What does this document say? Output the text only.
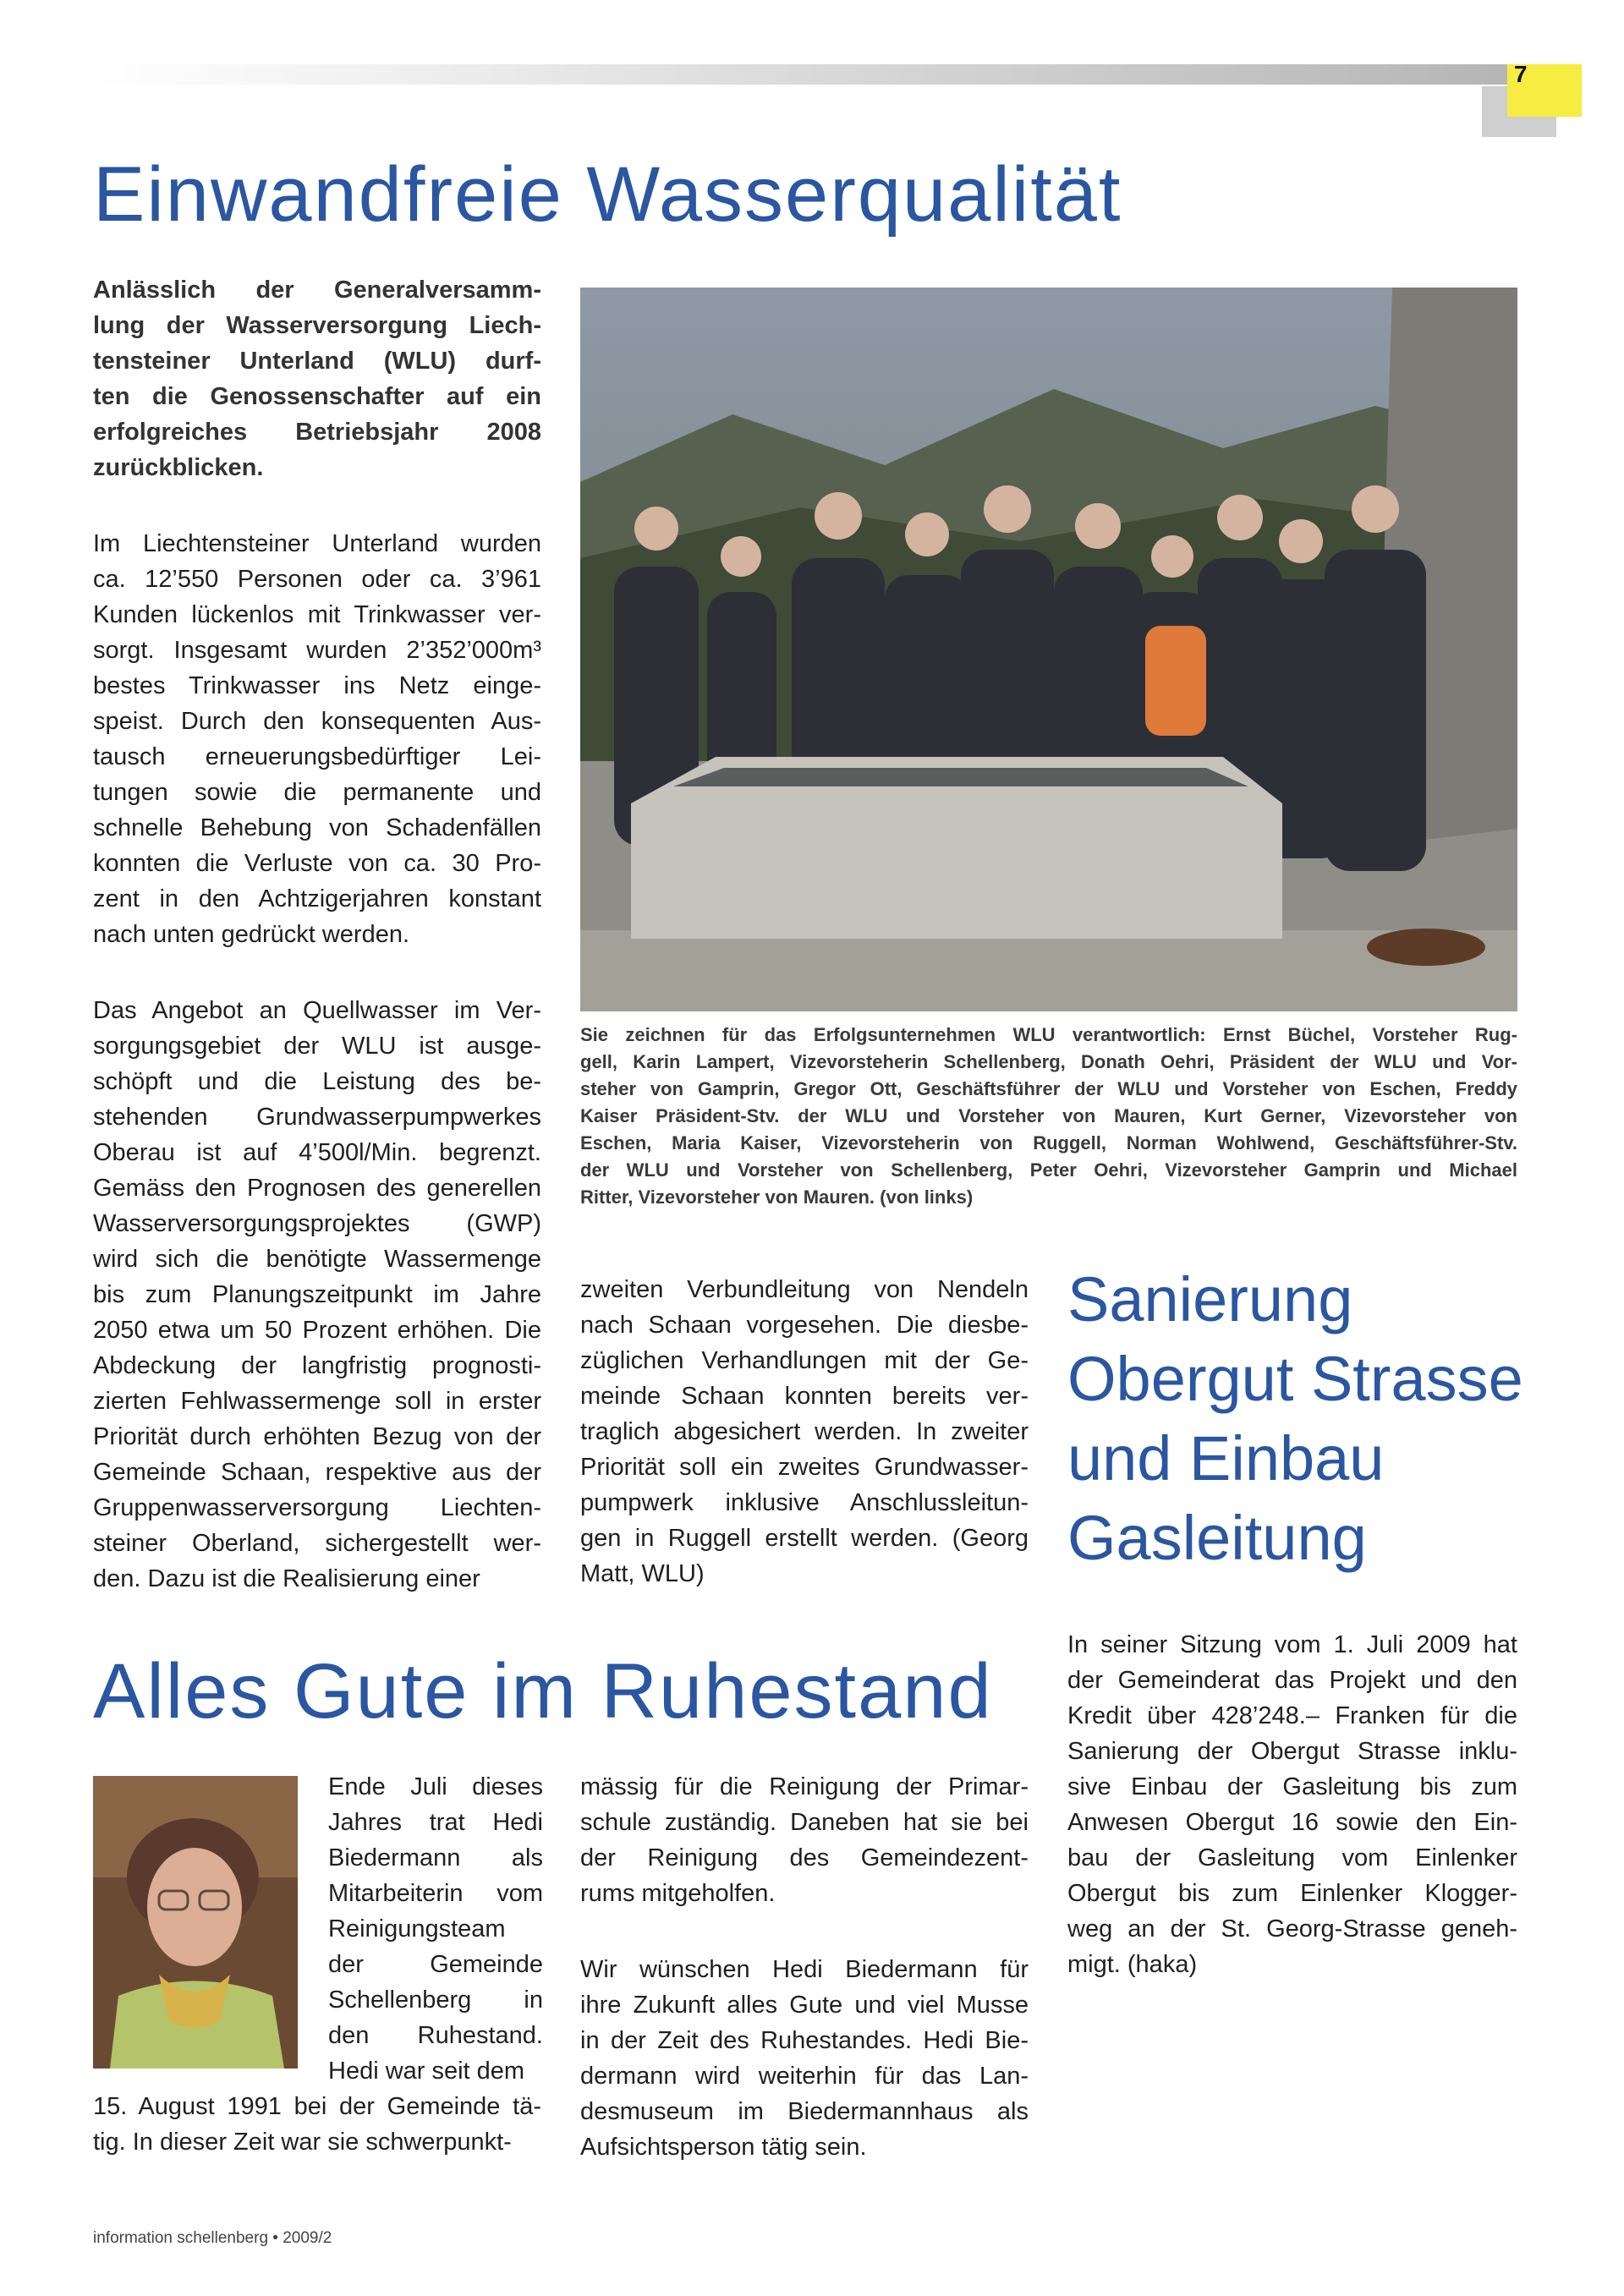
7
Einwandfreie Wasserqualität

Anlässlich der Generalversamm-
lung der Wasserversorgung Liech-
tensteiner Unterland (WLU) durf-
ten die Genossenschafter auf ein
erfolgreiches Betriebsjahr 2008
zurückblicken.

Im Liechtensteiner Unterland wurden
ca. 12’550 Personen oder ca. 3’961
Kunden lückenlos mit Trinkwasser ver-
sorgt. Insgesamt wurden 2’352’000m³
bestes Trinkwasser ins Netz einge-
speist. Durch den konsequenten Aus-
tausch erneuerungsbedürftiger Lei-
tungen sowie die permanente und
schnelle Behebung von Schadenfällen
konnten die Verluste von ca. 30 Pro-
zent in den Achtzigerjahren konstant
nach unten gedrückt werden.

Das Angebot an Quellwasser im Ver-
sorgungsgebiet der WLU ist ausge-
schöpft und die Leistung des be-
stehenden Grundwasserpumpwerkes
Oberau ist auf 4’500l/Min. begrenzt.
Gemäss den Prognosen des generellen
Wasserversorgungsprojektes (GWP)
wird sich die benötigte Wassermenge
bis zum Planungszeitpunkt im Jahre
2050 etwa um 50 Prozent erhöhen. Die
Abdeckung der langfristig prognosti-
zierten Fehlwassermenge soll in erster
Priorität durch erhöhten Bezug von der
Gemeinde Schaan, respektive aus der
Gruppenwasserversorgung Liechten-
steiner Oberland, sichergestellt wer-
den. Dazu ist die Realisierung einer

Sie zeichnen für das Erfolgsunternehmen WLU verantwortlich: Ernst Büchel, Vorsteher Rug-
gell, Karin Lampert, Vizevorsteherin Schellenberg, Donath Oehri, Präsident der WLU und Vor-
steher von Gamprin, Gregor Ott, Geschäftsführer der WLU und Vorsteher von Eschen, Freddy
Kaiser Präsident-Stv. der WLU und Vorsteher von Mauren, Kurt Gerner, Vizevorsteher von
Eschen, Maria Kaiser, Vizevorsteherin von Ruggell, Norman Wohlwend, Geschäftsführer-Stv.
der WLU und Vorsteher von Schellenberg, Peter Oehri, Vizevorsteher Gamprin und Michael
Ritter, Vizevorsteher von Mauren. (von links)

zweiten Verbundleitung von Nendeln
nach Schaan vorgesehen. Die diesbe-
züglichen Verhandlungen mit der Ge-
meinde Schaan konnten bereits ver-
traglich abgesichert werden. In zweiter
Priorität soll ein zweites Grundwasser-
pumpwerk inklusive Anschlussleitun-
gen in Ruggell erstellt werden. (Georg
Matt, WLU)

Sanierung
Obergut Strasse
und Einbau
Gasleitung

In seiner Sitzung vom 1. Juli 2009 hat
der Gemeinderat das Projekt und den
Kredit über 428’248.– Franken für die
Sanierung der Obergut Strasse inklu-
sive Einbau der Gasleitung bis zum
Anwesen Obergut 16 sowie den Ein-
bau der Gasleitung vom Einlenker
Obergut bis zum Einlenker Klogger-
weg an der St. Georg-Strasse geneh-
migt. (haka)

Alles Gute im Ruhestand

Ende Juli dieses
Jahres trat Hedi
Biedermann als
Mitarbeiterin vom
Reinigungsteam
der Gemeinde
Schellenberg in
den Ruhestand.
Hedi war seit dem

15. August 1991 bei der Gemeinde tä-
tig. In dieser Zeit war sie schwerpunkt-

mässig für die Reinigung der Primar-
schule zuständig. Daneben hat sie bei
der Reinigung des Gemeindezent-
rums mitgeholfen.

Wir wünschen Hedi Biedermann für
ihre Zukunft alles Gute und viel Musse
in der Zeit des Ruhestandes. Hedi Bie-
dermann wird weiterhin für das Lan-
desmuseum im Biedermannhaus als
Aufsichtsperson tätig sein.

information schellenberg • 2009/2
